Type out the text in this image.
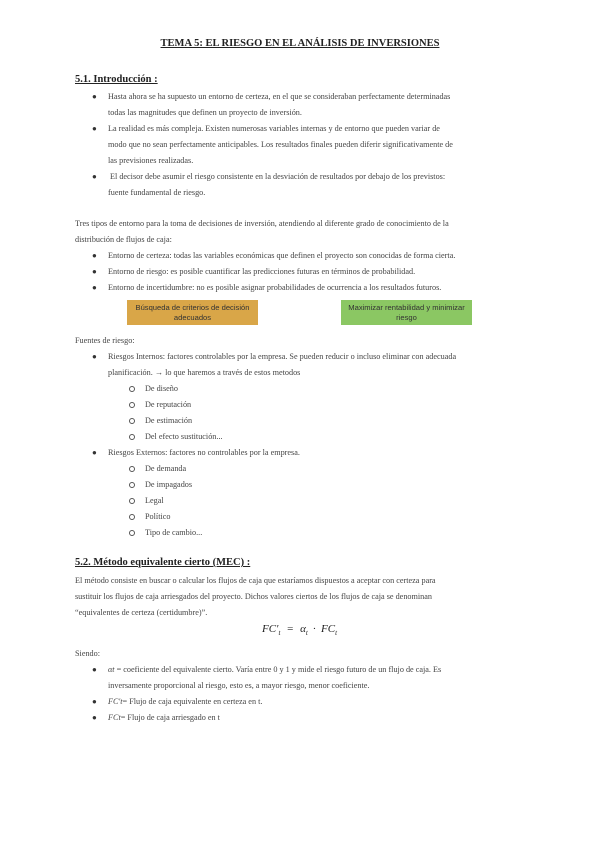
TEMA 5: EL RIESGO EN EL ANÁLISIS DE INVERSIONES
5.1. Introducción :
● Hasta ahora se ha supuesto un entorno de certeza, en el que se consideraban perfectamente determinadas
todas las magnitudes que definen un proyecto de inversión.
● La realidad es más compleja. Existen numerosas variables internas y de entorno que pueden variar de
modo que no sean perfectamente anticipables. Los resultados finales pueden diferir significativamente de
las previsiones realizadas.
● El decisor debe asumir el riesgo consistente en la desviación de resultados por debajo de los previstos:
fuente fundamental de riesgo.
Tres tipos de entorno para la toma de decisiones de inversión, atendiendo al diferente grado de conocimiento de la
distribución de flujos de caja:
● Entorno de certeza: todas las variables económicas que definen el proyecto son conocidas de forma cierta.
● Entorno de riesgo: es posible cuantificar las predicciones futuras en términos de probabilidad.
● Entorno de incertidumbre: no es posible asignar probabilidades de ocurrencia a los resultados futuros.
Búsqueda de criterios de decisión
adecuados
Maximizar rentabilidad y minimizar
riesgo
Fuentes de riesgo:
● Riesgos Internos: factores controlables por la empresa. Se pueden reducir o incluso eliminar con adecuada
planificación. → lo que haremos a través de estos metodos
De diseño
De reputación
De estimación
Del efecto sustitución...
● Riesgos Externos: factores no controlables por la empresa.
De demanda
De impagados
Legal
Político
Tipo de cambio...
5.2. Método equivalente cierto (MEC) :
El método consiste en buscar o calcular los flujos de caja que estaríamos dispuestos a aceptar con certeza para
sustituir los flujos de caja arriesgados del proyecto. Dichos valores ciertos de los flujos de caja se denominan
“equivalentes de certeza (certidumbre)”.
$FC'_t = \alpha_t \cdot FC_t$
Siendo:
● αt = coeficiente del equivalente cierto. Varía entre 0 y 1 y mide el riesgo futuro de un flujo de caja. Es
inversamente proporcional al riesgo, esto es, a mayor riesgo, menor coeficiente.
● FC′t= Flujo de caja equivalente en certeza en t.
● FCt= Flujo de caja arriesgado en t
